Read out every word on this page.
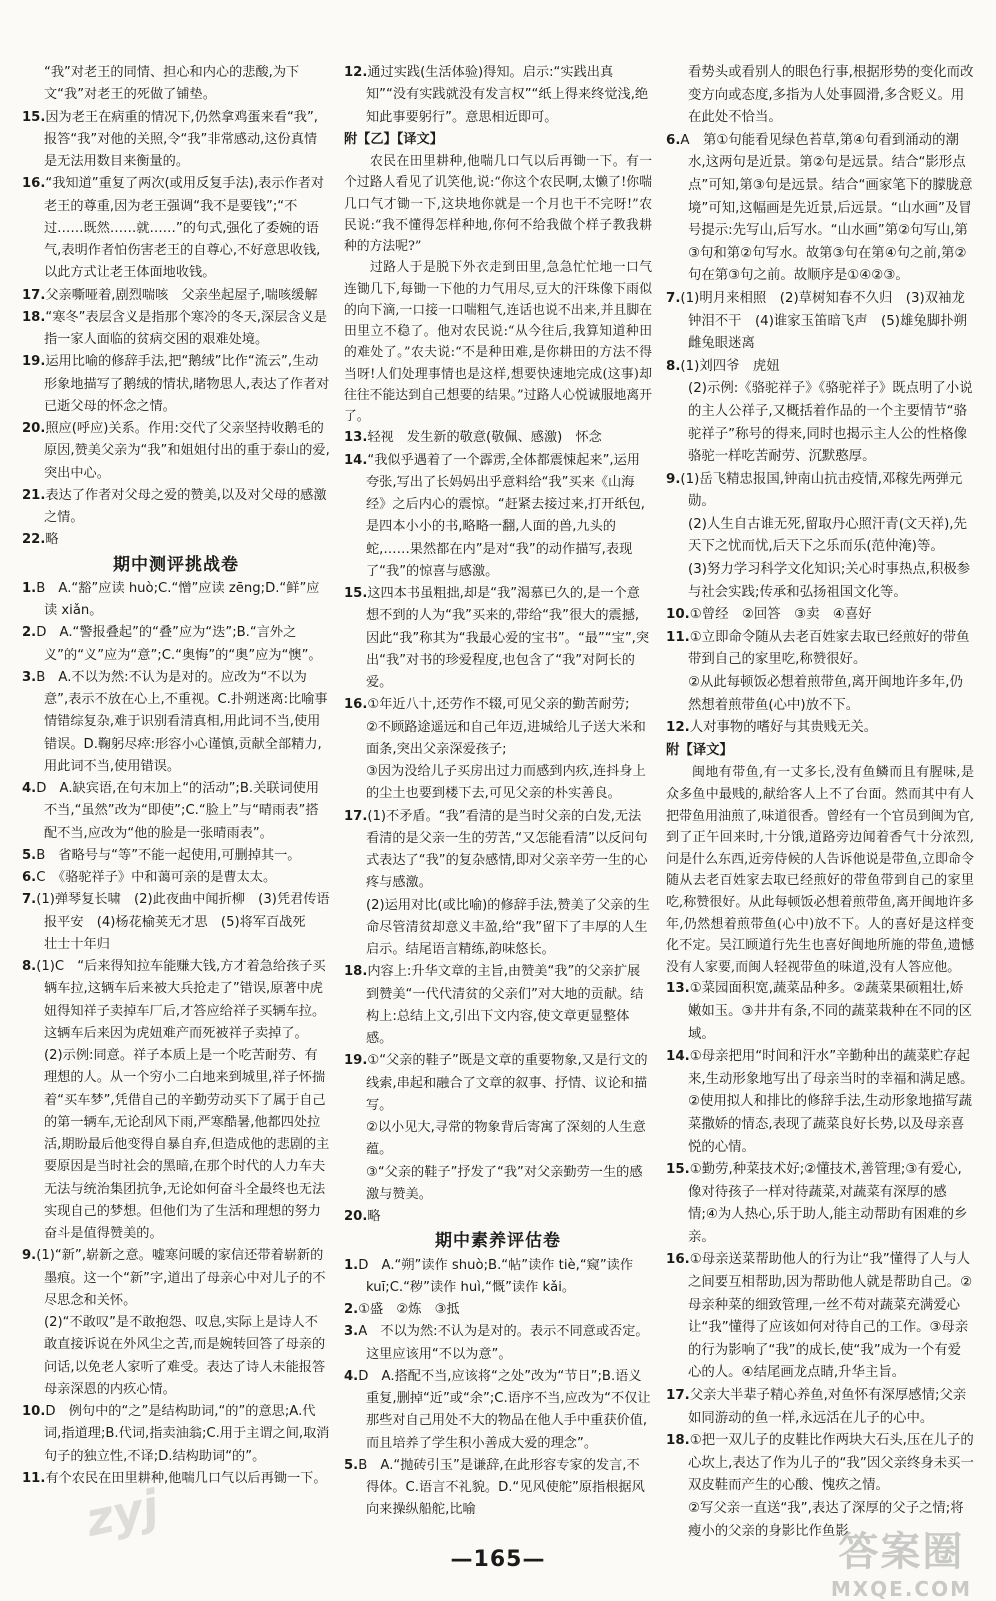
“我”对老王的同情、担心和内心的悲酸,为下文“我”对老王的死做了铺垫。

15.因为老王在病重的情况下,仍然拿鸡蛋来看“我”,报答“我”对他的关照,令“我”非常感动,这份真情是无法用数目来衡量的。

16.“我知道”重复了两次(或用反复手法),表示作者对老王的尊重,因为老王强调“我不是要钱”;“不过……既然……就……”的句式,强化了委婉的语气,表明作者怕伤害老王的自尊心,不好意思收钱,以此方式让老王体面地收钱。

17.父亲嘶哑着,剧烈喘咳　父亲坐起屋子,喘咳缓解

18.“寒冬”表层含义是指那个寒冷的冬天,深层含义是指一家人面临的贫病交困的艰难处境。

19.运用比喻的修辞手法,把“鹅绒”比作“流云”,生动形象地描写了鹅绒的情状,睹物思人,表达了作者对已逝父母的怀念之情。

20.照应(呼应)关系。作用:交代了父亲坚持收鹅毛的原因,赞美父亲为“我”和姐姐付出的重于泰山的爱,突出中心。

21.表达了作者对父母之爱的赞美,以及对父母的感激之情。

22.略

期中测评挑战卷

1.B　A.“豁”应读 huò;C.“憎”应读 zēng;D.“鲜”应读 xiǎn。

2.D　A.“警报叠起”的“叠”应为“迭”;B.“言外之义”的“义”应为“意”;C.“奥悔”的“奥”应为“懊”。

3.B　A.不以为然:不认为是对的。应改为“不以为意”,表示不放在心上,不重视。C.扑朔迷离:比喻事情错综复杂,难于识别看清真相,用此词不当,使用错误。D.鞠躬尽瘁:形容小心谨慎,贡献全部精力,用此词不当,使用错误。

4.D　A.缺宾语,在句末加上“的活动”;B.关联词使用不当,“虽然”改为“即使”;C.“脸上”与“晴雨表”搭配不当,应改为“他的脸是一张晴雨表”。

5.B　省略号与“等”不能一起使用,可删掉其一。

6.C　《骆驼祥子》中和蔼可亲的是曹太太。

7.(1)弹琴复长啸　(2)此夜曲中闻折柳　(3)凭君传语报平安　(4)杨花榆荚无才思　(5)将军百战死　壮士十年归

8.(1)C　“后来得知拉车能赚大钱,方才着急给孩子买辆车拉,这辆车后来被大兵抢走了”错误,原著中虎妞得知祥子卖掉车厂后,才答应给祥子买辆车拉。这辆车后来因为虎妞难产而死被祥子卖掉了。

(2)示例:同意。祥子本质上是一个吃苦耐劳、有理想的人。从一个穷小二白地来到城里,祥子怀揣着“买车梦”,凭借自己的辛勤劳动买下了属于自己的第一辆车,无论刮风下雨,严寒酷暑,他都四处拉活,期盼最后他变得自暴自弃,但造成他的悲剧的主要原因是当时社会的黑暗,在那个时代的人力车夫无法与统治集团抗争,无论如何奋斗全最终也无法实现自己的梦想。但他们为了生活和理想的努力奋斗是值得赞美的。

9.(1)“新”,崭新之意。嘘寒问暖的家信还带着崭新的墨痕。这一个“新”字,道出了母亲心中对儿子的不尽思念和关怀。

(2)“不敢叹”是不敢抱怨、叹息,实际上是诗人不敢直接诉说在外风尘之苦,而是婉转回答了母亲的问话,以免老人家听了难受。表达了诗人未能报答母亲深恩的内疚心情。

10.D　例句中的“之”是结构助词,“的”的意思;A.代词,指道理;B.代词,指卖油翁;C.用于主谓之间,取消句子的独立性,不译;D.结构助词“的”。

11.有个农民在田里耕种,他喘几口气以后再锄一下。

12.通过实践(生活体验)得知。启示:“实践出真知”“没有实践就没有发言权”“纸上得来终觉浅,绝知此事要躬行”。意思相近即可。

附【乙】【译文】

农民在田里耕种,他喘几口气以后再锄一下。有一个过路人看见了讥笑他,说:“你这个农民啊,太懒了!你喘几口气才锄一下,这块地你就是一个月也干不完呀!”农民说:“我不懂得怎样种地,你何不给我做个样子教我耕种的方法呢?”

过路人于是脱下外衣走到田里,急急忙忙地一口气连锄几下,每锄一下他的力气用尽,豆大的汗珠像下雨似的向下滴,一口接一口喘粗气,连话也说不出来,并且脚在田里立不稳了。他对农民说:“从今往后,我算知道种田的难处了。”农夫说:“不是种田难,是你耕田的方法不得当呀!人们处理事情也是这样,想要快速地完成(这事)却往往不能达到自己想要的结果。”过路人心悦诚服地离开了。

13.轻视　发生新的敬意(敬佩、感激)　怀念

14.“我似乎遇着了一个霹雳,全体都震悚起来”,运用夸张,写出了长妈妈出乎意料给“我”买来《山海经》之后内心的震惊。“赶紧去接过来,打开纸包,是四本小小的书,略略一翻,人面的兽,九头的蛇,……果然都在内”是对“我”的动作描写,表现了“我”的惊喜与感激。

15.这四本书虽粗拙,却是“我”渴慕已久的,是一个意想不到的人为“我”买来的,带给“我”很大的震撼,因此“我”称其为“我最心爱的宝书”。“最”“宝”,突出“我”对书的珍爱程度,也包含了“我”对阿长的爱。

16.①年近八十,还劳作不辍,可见父亲的勤苦耐劳;

②不顾路途遥远和自己年迈,进城给儿子送大米和面条,突出父亲深爱孩子;

③因为没给儿子买房出过力而感到内疚,连抖身上的尘土也要到楼下去,可见父亲的朴实善良。

17.(1)不矛盾。“我”看清的是当时父亲的白发,无法看清的是父亲一生的劳苦,“又怎能看清”以反问句式表达了“我”的复杂感情,即对父亲辛劳一生的心疼与感激。

(2)运用对比(或比喻)的修辞手法,赞美了父亲的生命尽管清贫却意义丰盈,给“我”留下了丰厚的人生启示。结尾语言精练,韵味悠长。

18.内容上:升华文章的主旨,由赞美“我”的父亲扩展到赞美“一代代清贫的父亲们”对大地的贡献。结构上:总结上文,引出下文内容,使文章更显整体感。

19.①“父亲的鞋子”既是文章的重要物象,又是行文的线索,串起和融合了文章的叙事、抒情、议论和描写。

②以小见大,寻常的物象背后寄寓了深刻的人生意蕴。

③“父亲的鞋子”抒发了“我”对父亲勤劳一生的感激与赞美。

20.略

期中素养评估卷

1.D　A.“朔”读作 shuò;B.“帖”读作 tiè,“窥”读作 kuī;C.“秽”读作 huì,“慨”读作 kǎi。

2.①盛　②炼　③抵

3.A　不以为然:不认为是对的。表示不同意或否定。这里应该用“不以为意”。

4.D　A.搭配不当,应该将“之处”改为“节日”;B.语义重复,删掉“近”或“余”;C.语序不当,应改为“不仅让那些对自己用处不大的物品在他人手中重获价值,而且培养了学生积小善成大爱的理念”。

5.B　A.“抛砖引玉”是谦辞,在此形容专家的发言,不得体。C.语言不礼貌。D.“见风使舵”原指根据风向来操纵船舵,比喻

看势头或看别人的眼色行事,根据形势的变化而改变方向或态度,多指为人处事圆滑,多含贬义。用在此处不恰当。

6.A　第①句能看见绿色苔草,第④句看到涌动的潮水,这两句是近景。第②句是远景。结合“影形点点”可知,第③句是远景。结合“画家笔下的朦胧意境”可知,这幅画是先近景,后远景。“山水画”及冒号提示:先写山,后写水。“山水画”第②句写山,第③句和第②句写水。故第③句在第④句之前,第②句在第③句之前。故顺序是①④②③。

7.(1)明月来相照　(2)草树知春不久归　(3)双袖龙钟泪不干　(4)谁家玉笛暗飞声　(5)雄兔脚扑朔　雌兔眼迷离

8.(1)刘四爷　虎妞

(2)示例:《骆驼祥子》《骆驼祥子》既点明了小说的主人公祥子,又概括着作品的一个主要情节“骆驼祥子”称号的得来,同时也揭示主人公的性格像骆驼一样吃苦耐劳、沉默憨厚。

9.(1)岳飞精忠报国,钟南山抗击疫情,邓稼先两弹元勋。

(2)人生自古谁无死,留取丹心照汗青(文天祥),先天下之忧而忧,后天下之乐而乐(范仲淹)等。

(3)努力学习科学文化知识;关心时事热点,积极参与社会实践;传承和弘扬祖国文化等。

10.①曾经　②回答　③卖　④喜好

11.①立即命令随从去老百姓家去取已经煎好的带鱼带到自己的家里吃,称赞很好。

②从此每顿饭必想着煎带鱼,离开闽地许多年,仍然想着煎带鱼(心中)放不下。

12.人对事物的嗜好与其贵贱无关。

附【译文】

闽地有带鱼,有一丈多长,没有鱼鳞而且有腥味,是众多鱼中最贱的,献给客人上不了台面。然而其中有人把带鱼用油煎了,味道很香。曾经有一个官员到闽为官,到了正午回来时,十分饿,道路旁边闻着香气十分浓烈,问是什么东西,近旁侍候的人告诉他说是带鱼,立即命令随从去老百姓家去取已经煎好的带鱼带到自己的家里吃,称赞很好。从此每顿饭必想着煎带鱼,离开闽地许多年,仍然想着煎带鱼(心中)放不下。人的喜好是这样变化不定。吴江顾道行先生也喜好闽地所施的带鱼,遗憾没有人家要,而闽人轻视带鱼的味道,没有人答应他。

13.①菜园面积宽,蔬菜品种多。②蔬菜果硕粗壮,娇嫩如玉。③井井有条,不同的蔬菜栽种在不同的区域。

14.①母亲把用“时间和汗水”辛勤种出的蔬菜贮存起来,生动形象地写出了母亲当时的幸福和满足感。

②使用拟人和排比的修辞手法,生动形象地描写蔬菜撒娇的情态,表现了蔬菜良好长势,以及母亲喜悦的心情。

15.①勤劳,种菜技术好;②懂技术,善管理;③有爱心,像对待孩子一样对待蔬菜,对蔬菜有深厚的感情;④为人热心,乐于助人,能主动帮助有困难的乡亲。

16.①母亲送菜帮助他人的行为让“我”懂得了人与人之间要互相帮助,因为帮助他人就是帮助自己。②母亲种菜的细致管理,一丝不苟对蔬菜充满爱心让“我”懂得了应该如何对待自己的工作。③母亲的行为影响了“我”的成长,使“我”成为一个有爱心的人。④结尾画龙点睛,升华主旨。

17.父亲大半辈子精心养鱼,对鱼怀有深厚感情;父亲如同游动的鱼一样,永远活在儿子的心中。

18.①把一双儿子的皮鞋比作两块大石头,压在儿子的心坎上,表达了作为儿子的“我”因父亲终身未买一双皮鞋而产生的心酸、愧疚之情。

②写父亲一直送“我”,表达了深厚的父子之情;将瘦小的父亲的身影比作鱼影

—165—
zyj
答案圈
MXQE.COM
